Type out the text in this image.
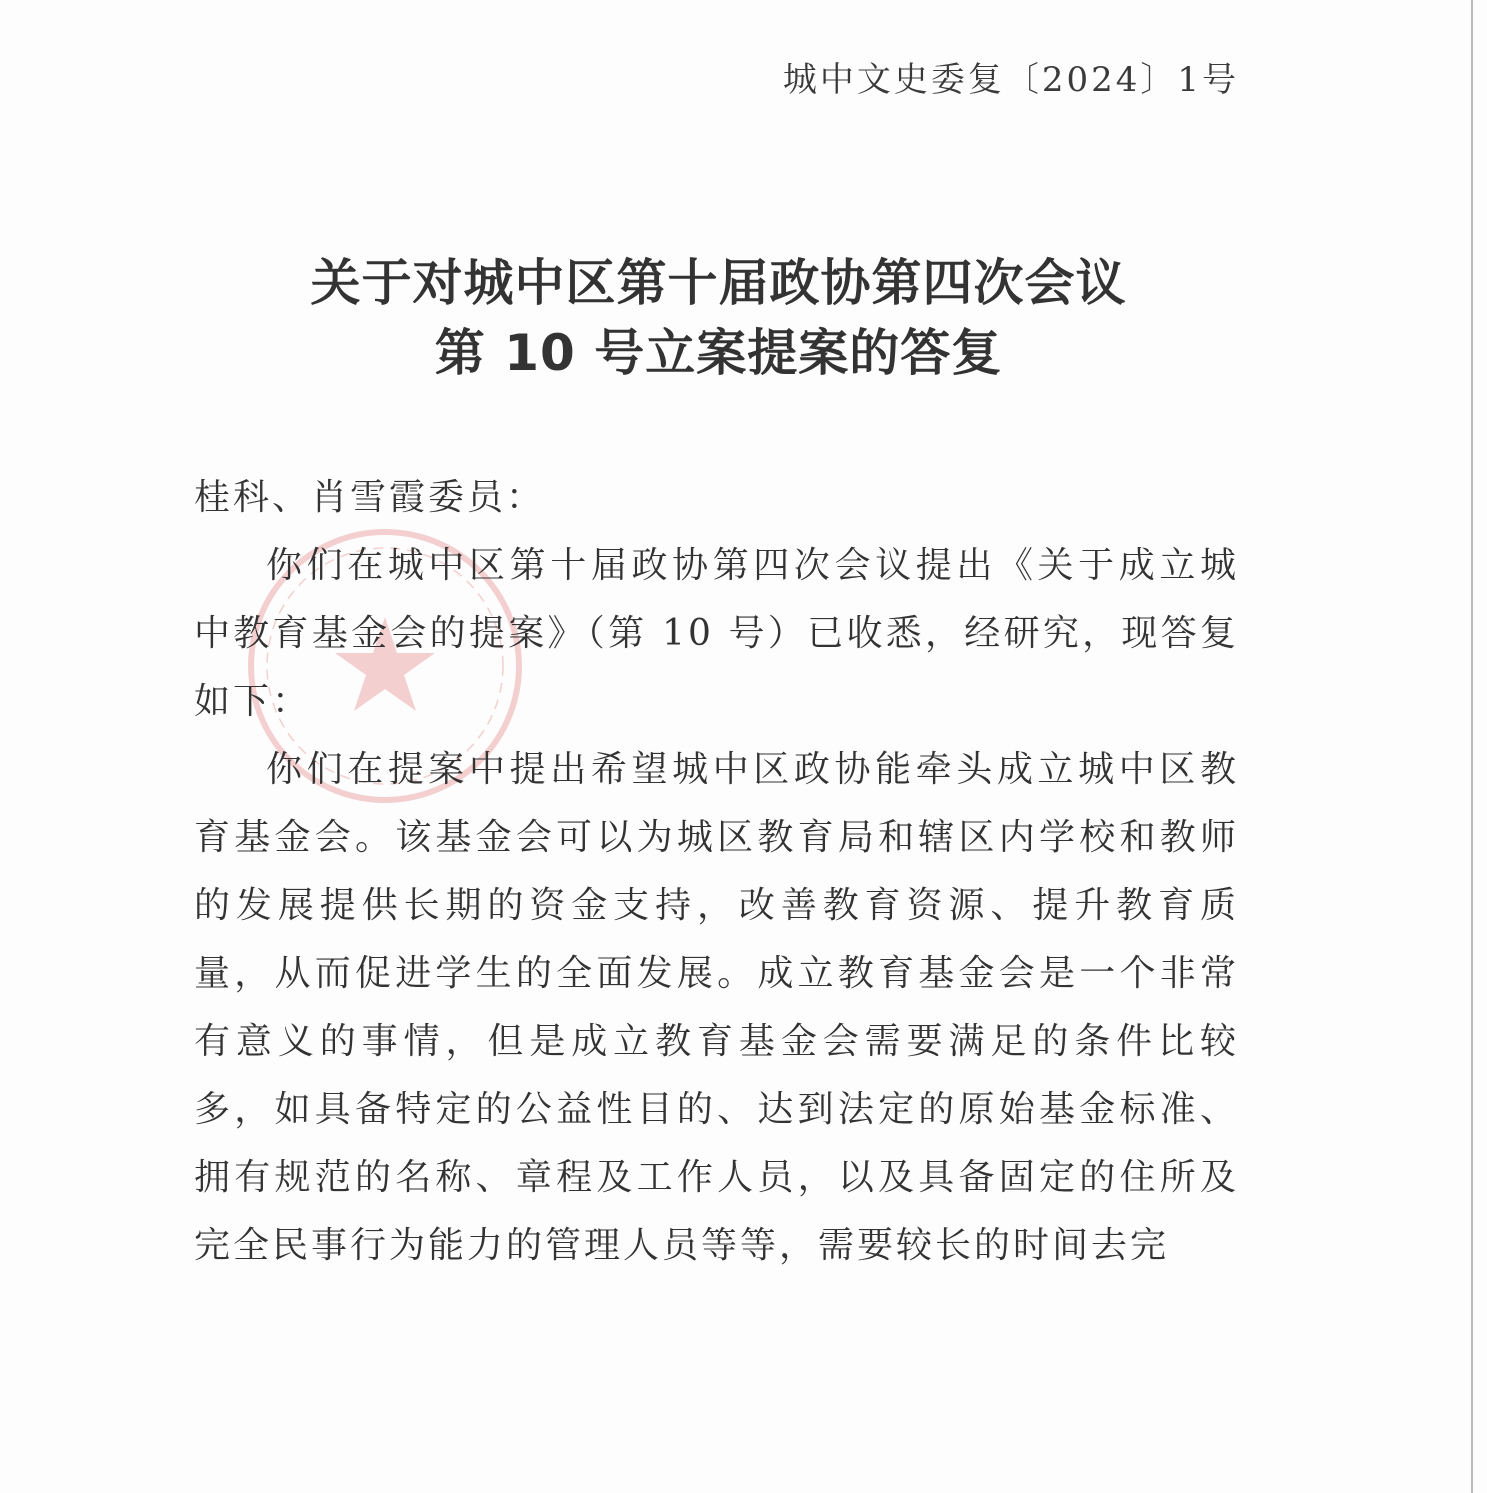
城中文史委复〔2024〕1号
关于对城中区第十届政协第四次会议
第 10 号立案提案的答复

桂科、肖雪霞委员：

你们在城中区第十届政协第四次会议提出《关于成立城中教育基金会的提案》（第 10 号）已收悉，经研究，现答复如下：

你们在提案中提出希望城中区政协能牵头成立城中区教育基金会。该基金会可以为城区教育局和辖区内学校和教师的发展提供长期的资金支持，改善教育资源、提升教育质量，从而促进学生的全面发展。成立教育基金会是一个非常有意义的事情，但是成立教育基金会需要满足的条件比较多，如具备特定的公益性目的、达到法定的原始基金标准、拥有规范的名称、章程及工作人员，以及具备固定的住所及完全民事行为能力的管理人员等等，需要较长的时间去完
